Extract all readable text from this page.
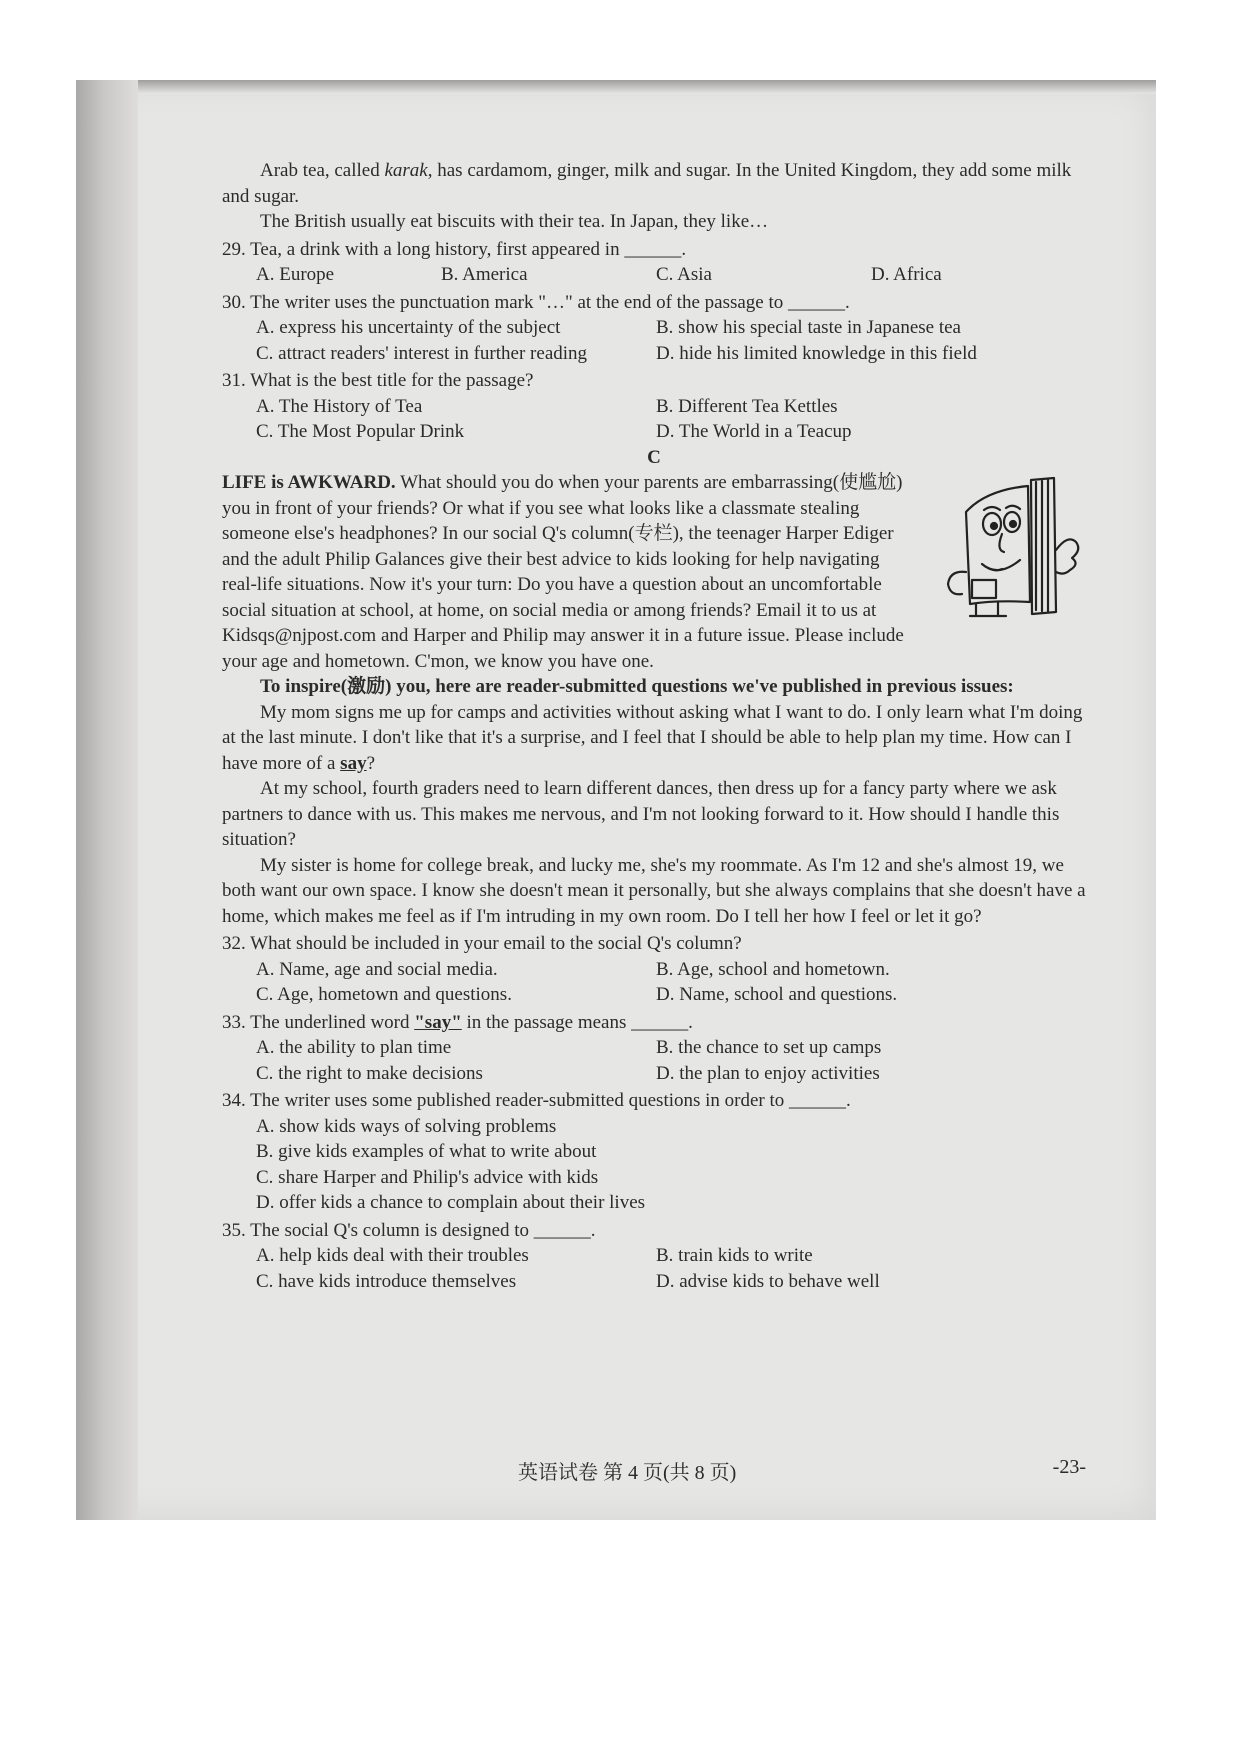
Arab tea, called karak, has cardamom, ginger, milk and sugar. In the United Kingdom, they add some milk and sugar.

The British usually eat biscuits with their tea. In Japan, they like…

29. Tea, a drink with a long history, first appeared in ______.

A. Europe	B. America	C. Asia	D. Africa

30. The writer uses the punctuation mark "…" at the end of the passage to ______.

A. express his uncertainty of the subject	B. show his special taste in Japanese tea
C. attract readers' interest in further reading	D. hide his limited knowledge in this field

31. What is the best title for the passage?

A. The History of Tea	B. Different Tea Kettles
C. The Most Popular Drink	D. The World in a Teacup

C

LIFE is AWKWARD. What should you do when your parents are embarrassing(使尴尬) you in front of your friends? Or what if you see what looks like a classmate stealing someone else's headphones? In our social Q's column(专栏), the teenager Harper Ediger and the adult Philip Galances give their best advice to kids looking for help navigating real-life situations. Now it's your turn: Do you have a question about an uncomfortable social situation at school, at home, on social media or among friends? Email it to us at Kidsqs@njpost.com and Harper and Philip may answer it in a future issue. Please include your age and hometown. C'mon, we know you have one.

To inspire(激励) you, here are reader-submitted questions we've published in previous issues:

My mom signs me up for camps and activities without asking what I want to do. I only learn what I'm doing at the last minute. I don't like that it's a surprise, and I feel that I should be able to help plan my time. How can I have more of a say?

At my school, fourth graders need to learn different dances, then dress up for a fancy party where we ask partners to dance with us. This makes me nervous, and I'm not looking forward to it. How should I handle this situation?

My sister is home for college break, and lucky me, she's my roommate. As I'm 12 and she's almost 19, we both want our own space. I know she doesn't mean it personally, but she always complains that she doesn't have a home, which makes me feel as if I'm intruding in my own room. Do I tell her how I feel or let it go?

32. What should be included in your email to the social Q's column?

A. Name, age and social media.	B. Age, school and hometown.
C. Age, hometown and questions.	D. Name, school and questions.

33. The underlined word "say" in the passage means ______.

A. the ability to plan time	B. the chance to set up camps
C. the right to make decisions	D. the plan to enjoy activities

34. The writer uses some published reader-submitted questions in order to ______.

A. show kids ways of solving problems

B. give kids examples of what to write about

C. share Harper and Philip's advice with kids

D. offer kids a chance to complain about their lives

35. The social Q's column is designed to ______.

A. help kids deal with their troubles	B. train kids to write
C. have kids introduce themselves	D. advise kids to behave well
英语试卷 第 4 页(共 8 页)	-23-
